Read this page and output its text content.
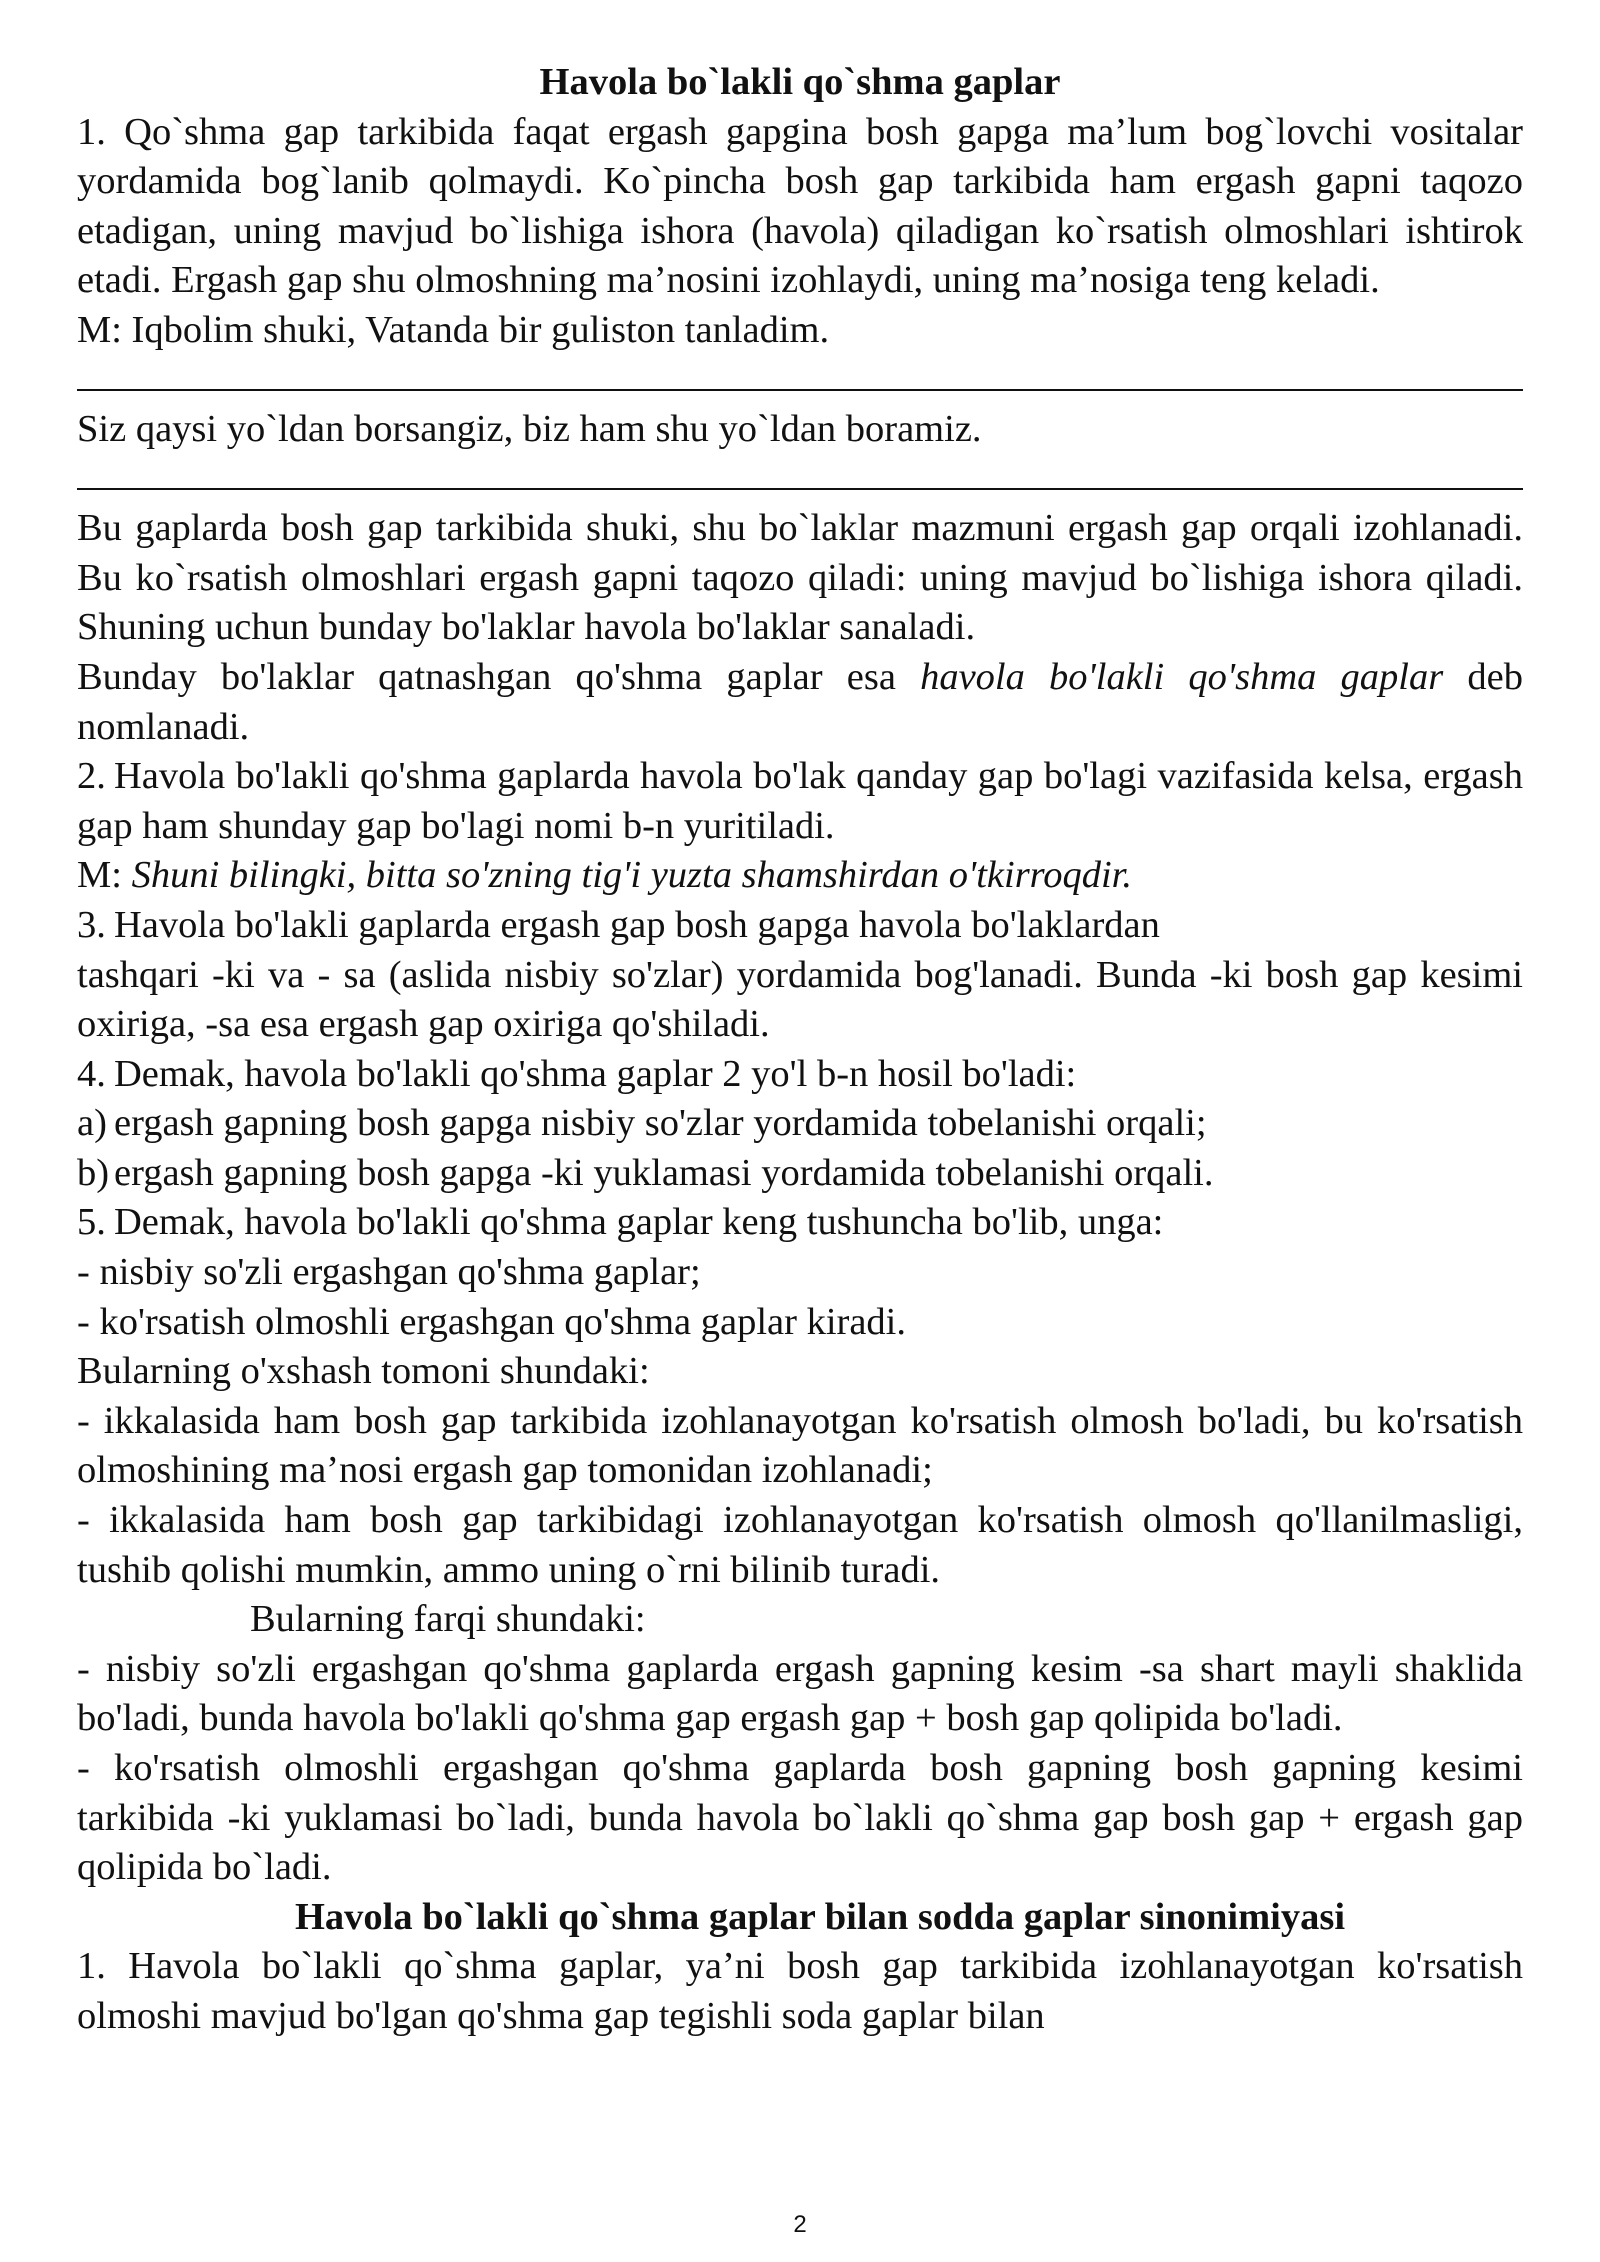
Havola bo`lakli qo`shma gaplar

1. Qo`shma gap tarkibida faqat ergash gapgina bosh gapga ma’lum bog`lovchi vositalar yordamida bog`lanib qolmaydi. Ko`pincha bosh gap tarkibida ham ergash gapni taqozo etadigan, uning mavjud bo`lishiga ishora (havola) qiladigan ko`rsatish olmoshlari ishtirok etadi. Ergash gap shu olmoshning ma’nosini izohlaydi, uning ma’nosiga teng keladi.

M: Iqbolim shuki, Vatanda bir guliston tanladim.

Siz qaysi yo`ldan borsangiz, biz ham shu yo`ldan boramiz.

Bu gaplarda bosh gap tarkibida shuki, shu bo`laklar mazmuni ergash gap orqali izohlanadi. Bu ko`rsatish olmoshlari ergash gapni taqozo qiladi: uning mavjud bo`lishiga ishora qiladi. Shuning uchun bunday bo'laklar havola bo'laklar sanaladi.

Bunday bo'laklar qatnashgan qo'shma gaplar esa havola bo'lakli qo'shma gaplar deb nomlanadi.

2. Havola bo'lakli qo'shma gaplarda havola bo'lak qanday gap bo'lagi vazifasida kelsa, ergash gap ham shunday gap bo'lagi nomi b-n yuritiladi.

M: Shuni bilingki, bitta so'zning tig'i yuzta shamshirdan o'tkirroqdir.

3. Havola bo'lakli gaplarda ergash gap bosh gapga havola bo'laklardan

tashqari -ki va - sa (aslida nisbiy so'zlar) yordamida bog'lanadi. Bunda -ki bosh gap kesimi oxiriga, -sa esa ergash gap oxiriga qo'shiladi.

4. Demak, havola bo'lakli qo'shma gaplar 2 yo'l b-n hosil bo'ladi:

a) ergash gapning bosh gapga nisbiy so'zlar yordamida tobelanishi orqali;

b) ergash gapning bosh gapga -ki yuklamasi yordamida tobelanishi orqali.

5. Demak, havola bo'lakli qo'shma gaplar keng tushuncha bo'lib, unga:

- nisbiy so'zli ergashgan qo'shma gaplar;

- ko'rsatish olmoshli ergashgan qo'shma gaplar kiradi.

Bularning o'xshash tomoni shundaki:

- ikkalasida ham bosh gap tarkibida izohlanayotgan ko'rsatish olmosh bo'ladi, bu ko'rsatish olmoshining ma’nosi ergash gap tomonidan izohlanadi;

- ikkalasida ham bosh gap tarkibidagi izohlanayotgan ko'rsatish olmosh qo'llanilmasligi, tushib qolishi mumkin, ammo uning o`rni bilinib turadi.

Bularning farqi shundaki:

- nisbiy so'zli ergashgan qo'shma gaplarda ergash gapning kesim -sa shart mayli shaklida bo'ladi, bunda havola bo'lakli qo'shma gap ergash gap + bosh gap qolipida bo'ladi.

- ko'rsatish olmoshli ergashgan qo'shma gaplarda bosh gapning bosh gapning kesimi tarkibida -ki yuklamasi bo`ladi, bunda havola bo`lakli qo`shma gap bosh gap + ergash gap qolipida bo`ladi.

Havola bo`lakli qo`shma gaplar bilan sodda gaplar sinonimiyasi

1. Havola bo`lakli qo`shma gaplar, ya’ni bosh gap tarkibida izohlanayotgan ko'rsatish olmoshi mavjud bo'lgan qo'shma gap tegishli soda gaplar bilan

2
